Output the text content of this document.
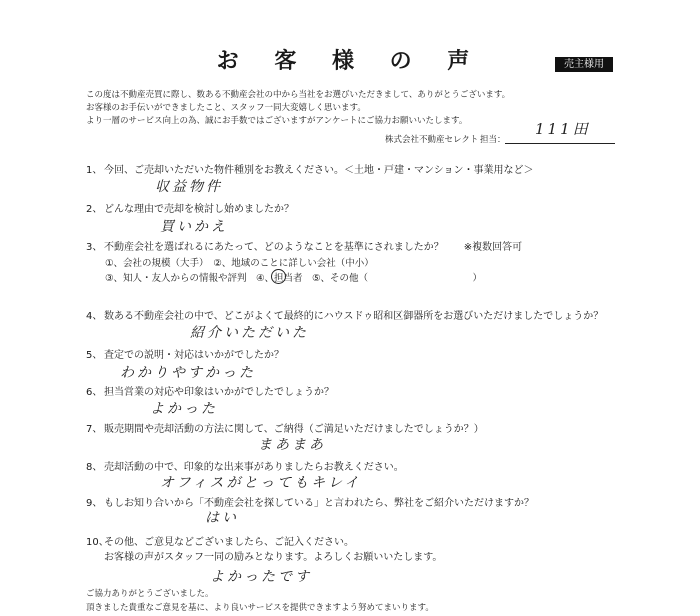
お 客 様 の 声	売主様用
この度は不動産売買に際し、数ある不動産会社の中から当社をお選びいただきまして、ありがとうございます。
お客様のお手伝いができましたこと、スタッフ一同大変嬉しく思います。
より一層のサービス向上の為、誠にお手数ではございますがアンケートにご協力お願いいたします。
株式会社不動産セレクト 担当：
111田
1、 今回、ご売却いただいた物件種別をお教えください。＜土地・戸建・マンション・事業用など＞
収益物件
2、 どんな理由で売却を検討し始めましたか？
買いかえ
3、 不動産会社を選ばれるにあたって、どのようなことを基準にされましたか？　　※複数回答可
①、会社の規模（大手）　②、地域のことに詳しい会社（中小）
③、知人・友人からの情報や評判　④、担当者　⑤、その他（　　　　　　　　　　　）
4、 数ある不動産会社の中で、どこがよくて最終的にハウスドゥ昭和区御器所をお選びいただけましたでしょうか？
紹介いただいた
5、 査定での説明・対応はいかがでしたか？
わかりやすかった
6、 担当営業の対応や印象はいかがでしたでしょうか？
よかった
7、 販売期間や売却活動の方法に関して、ご納得（ご満足いただけましたでしょうか？）
まあまあ
8、 売却活動の中で、印象的な出来事がありましたらお教えください。
オフィスがとってもキレイ
9、 もしお知り合いから「不動産会社を探している」と言われたら、弊社をご紹介いただけますか？
はい
10、その他、ご意見などございましたら、ご記入ください。
お客様の声がスタッフ一同の励みとなります。よろしくお願いいたします。
よかったです
ご協力ありがとうございました。
頂きました貴重なご意見を基に、より良いサービスを提供できますよう努めてまいります。
